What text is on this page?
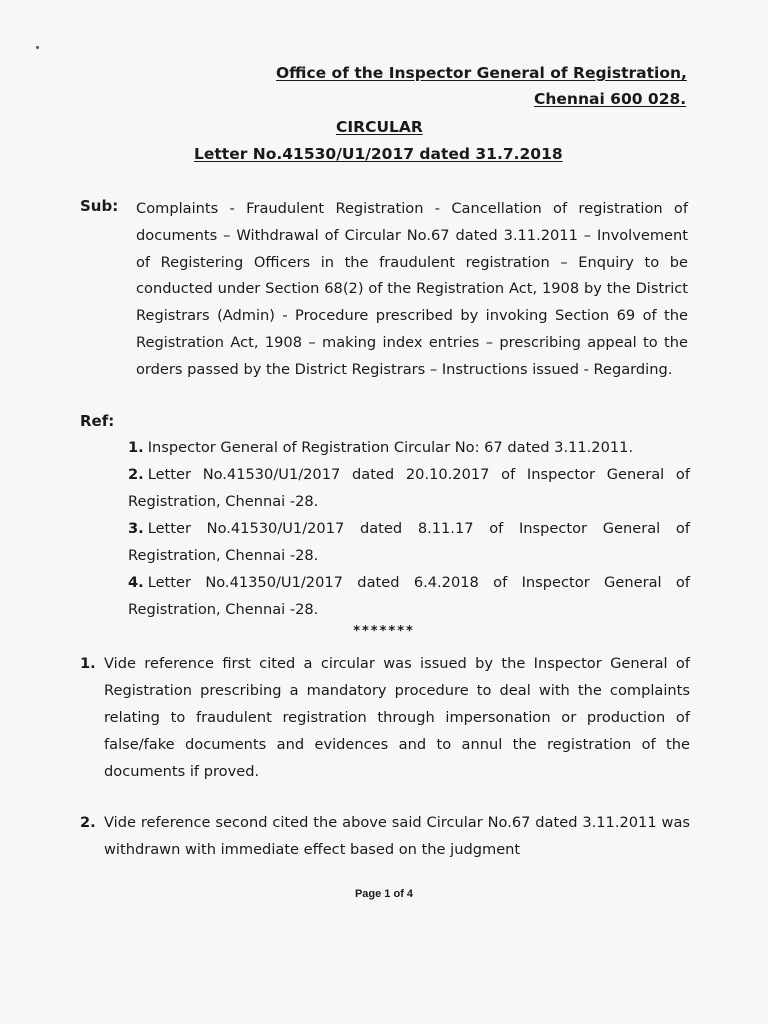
Office of the Inspector General of Registration,
Chennai 600 028.
CIRCULAR
Letter No.41530/U1/2017 dated 31.7.2018
Sub: Complaints - Fraudulent Registration - Cancellation of registration of documents – Withdrawal of Circular No.67 dated 3.11.2011 – Involvement of Registering Officers in the fraudulent registration – Enquiry to be conducted under Section 68(2) of the Registration Act, 1908 by the District Registrars (Admin) - Procedure prescribed by invoking Section 69 of the Registration Act, 1908 – making index entries – prescribing appeal to the orders passed by the District Registrars – Instructions issued - Regarding.
Ref:
1. Inspector General of Registration Circular No: 67 dated 3.11.2011.
2. Letter No.41530/U1/2017 dated 20.10.2017 of Inspector General of Registration, Chennai -28.
3. Letter No.41530/U1/2017 dated 8.11.17 of Inspector General of Registration, Chennai -28.
4. Letter No.41350/U1/2017 dated 6.4.2018 of Inspector General of Registration, Chennai -28.
*******
1. Vide reference first cited a circular was issued by the Inspector General of Registration prescribing a mandatory procedure to deal with the complaints relating to fraudulent registration through impersonation or production of false/fake documents and evidences and to annul the registration of the documents if proved.
2. Vide reference second cited the above said Circular No.67 dated 3.11.2011 was withdrawn with immediate effect based on the judgment
Page 1 of 4
